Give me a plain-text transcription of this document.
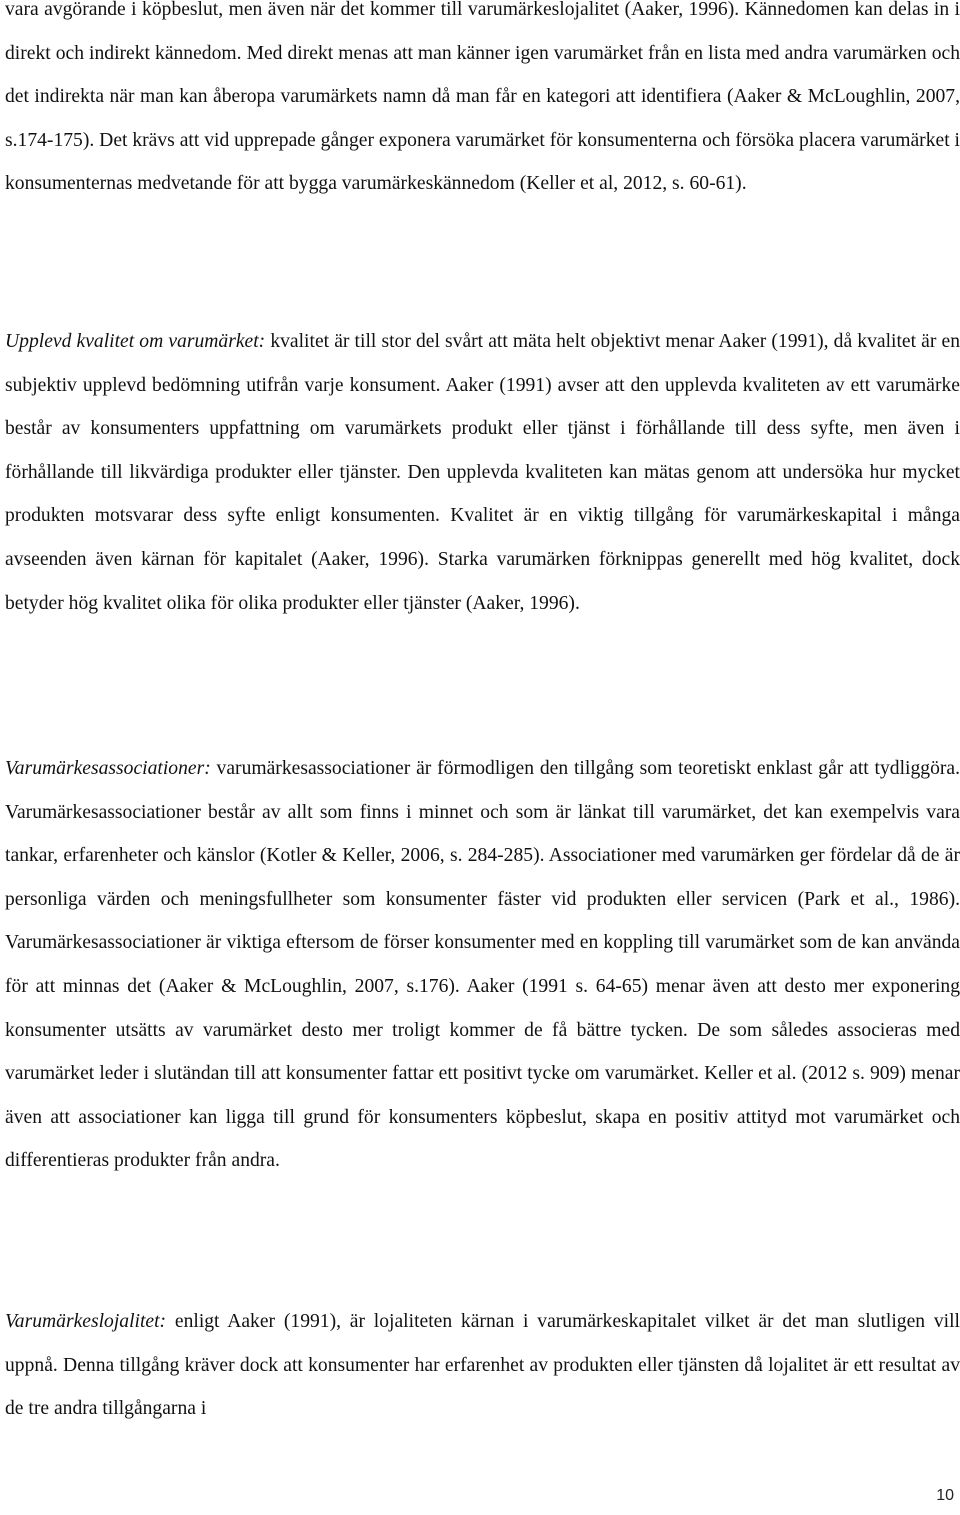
vara avgörande i köpbeslut, men även när det kommer till varumärkeslojalitet (Aaker, 1996). Kännedomen kan delas in i direkt och indirekt kännedom. Med direkt menas att man känner igen varumärket från en lista med andra varumärken och det indirekta när man kan åberopa varumärkets namn då man får en kategori att identifiera (Aaker & McLoughlin, 2007, s.174-175). Det krävs att vid upprepade gånger exponera varumärket för konsumenterna och försöka placera varumärket i konsumenternas medvetande för att bygga varumärkeskännedom (Keller et al, 2012, s. 60-61).

Upplevd kvalitet om varumärket: kvalitet är till stor del svårt att mäta helt objektivt menar Aaker (1991), då kvalitet är en subjektiv upplevd bedömning utifrån varje konsument. Aaker (1991) avser att den upplevda kvaliteten av ett varumärke består av konsumenters uppfattning om varumärkets produkt eller tjänst i förhållande till dess syfte, men även i förhållande till likvärdiga produkter eller tjänster. Den upplevda kvaliteten kan mätas genom att undersöka hur mycket produkten motsvarar dess syfte enligt konsumenten. Kvalitet är en viktig tillgång för varumärkeskapital i många avseenden även kärnan för kapitalet (Aaker, 1996). Starka varumärken förknippas generellt med hög kvalitet, dock betyder hög kvalitet olika för olika produkter eller tjänster (Aaker, 1996).

Varumärkesassociationer: varumärkesassociationer är förmodligen den tillgång som teoretiskt enklast går att tydliggöra. Varumärkesassociationer består av allt som finns i minnet och som är länkat till varumärket, det kan exempelvis vara tankar, erfarenheter och känslor (Kotler & Keller, 2006, s. 284-285). Associationer med varumärken ger fördelar då de är personliga värden och meningsfullheter som konsumenter fäster vid produkten eller servicen (Park et al., 1986). Varumärkesassociationer är viktiga eftersom de förser konsumenter med en koppling till varumärket som de kan använda för att minnas det (Aaker & McLoughlin, 2007, s.176). Aaker (1991 s. 64-65) menar även att desto mer exponering konsumenter utsätts av varumärket desto mer troligt kommer de få bättre tycken. De som således associeras med varumärket leder i slutändan till att konsumenter fattar ett positivt tycke om varumärket. Keller et al. (2012 s. 909) menar även att associationer kan ligga till grund för konsumenters köpbeslut, skapa en positiv attityd mot varumärket och differentieras produkter från andra.

Varumärkeslojalitet: enligt Aaker (1991), är lojaliteten kärnan i varumärkeskapitalet vilket är det man slutligen vill uppnå. Denna tillgång kräver dock att konsumenter har erfarenhet av produkten eller tjänsten då lojalitet är ett resultat av de tre andra tillgångarna i

10
